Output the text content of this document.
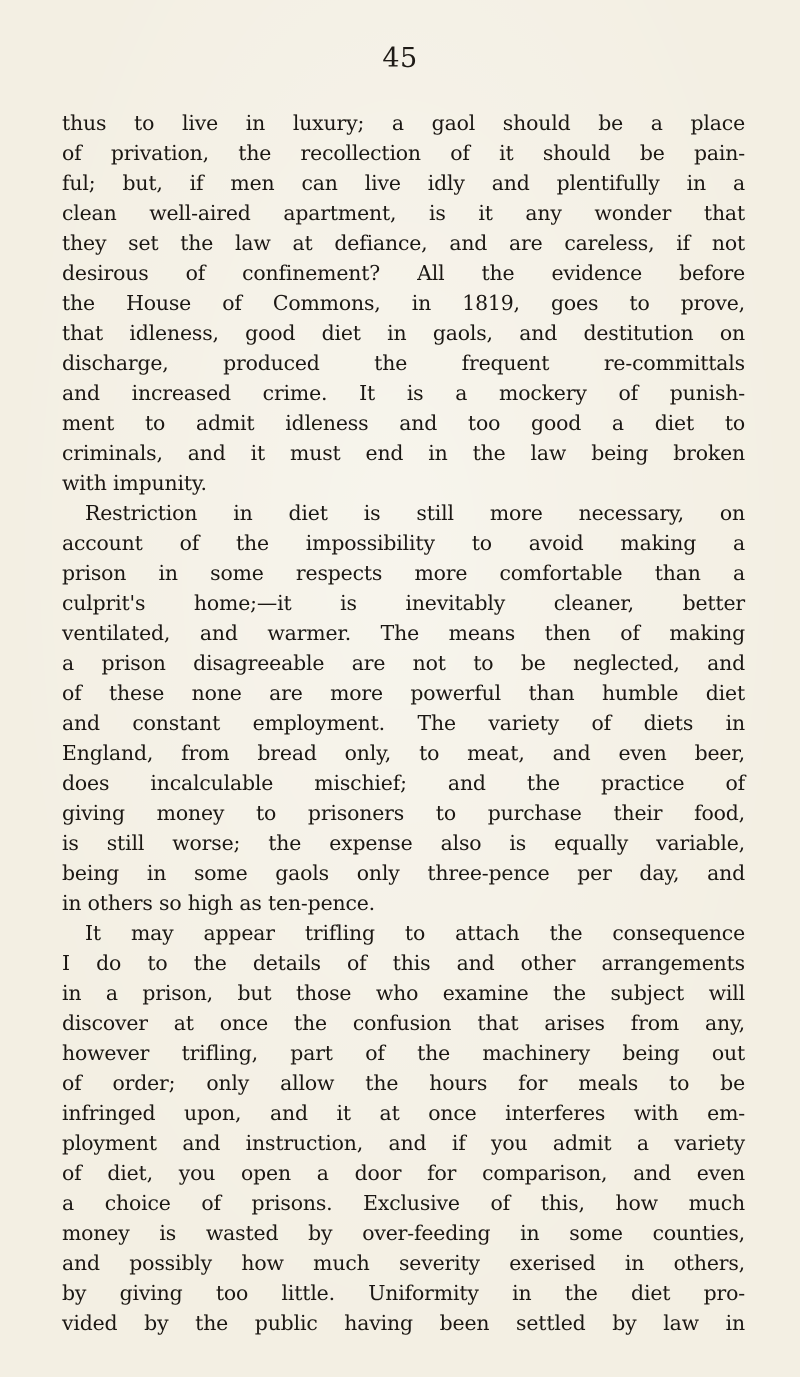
45
thus to live in luxury; a gaol should be a place
of privation, the recollection of it should be pain-
ful; but, if men can live idly and plentifully in a
clean well-aired apartment, is it any wonder that
they set the law at defiance, and are careless, if not
desirous of confinement? All the evidence before
the House of Commons, in 1819, goes to prove,
that idleness, good diet in gaols, and destitution on
discharge, produced the frequent re-committals
and increased crime. It is a mockery of punish-
ment to admit idleness and too good a diet to
criminals, and it must end in the law being broken
with impunity.
Restriction in diet is still more necessary, on
account of the impossibility to avoid making a
prison in some respects more comfortable than a
culprit's home;—it is inevitably cleaner, better
ventilated, and warmer. The means then of making
a prison disagreeable are not to be neglected, and
of these none are more powerful than humble diet
and constant employment. The variety of diets in
England, from bread only, to meat, and even beer,
does incalculable mischief; and the practice of
giving money to prisoners to purchase their food,
is still worse; the expense also is equally variable,
being in some gaols only three-pence per day, and
in others so high as ten-pence.
It may appear trifling to attach the consequence
I do to the details of this and other arrangements
in a prison, but those who examine the subject will
discover at once the confusion that arises from any,
however trifling, part of the machinery being out
of order; only allow the hours for meals to be
infringed upon, and it at once interferes with em-
ployment and instruction, and if you admit a variety
of diet, you open a door for comparison, and even
a choice of prisons. Exclusive of this, how much
money is wasted by over-feeding in some counties,
and possibly how much severity exerised in others,
by giving too little. Uniformity in the diet pro-
vided by the public having been settled by law in
